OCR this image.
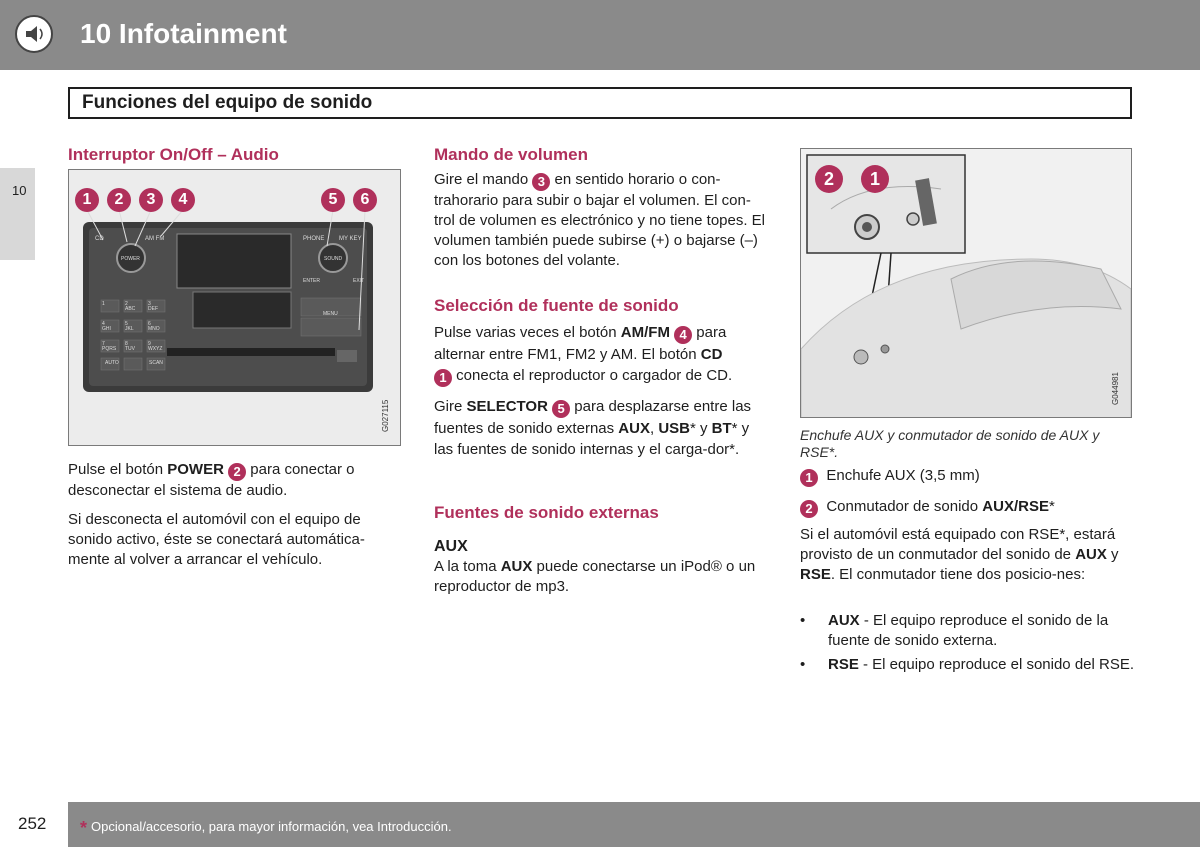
10 Infotainment
Funciones del equipo de sonido
10
Interruptor On/Off – Audio
1	2	3	4	5	6
CD
POWER
AM FM	PHONE MY KEY
SOUND
ENTER	EXIT
MENU
AUTO	SCAN
1	2
ABC
3
DEF
4
GHI
5
JKL
6
MNO
7
PQRS
8
TUV
9
WXYZ
G027115
Pulse el botón POWER 2 para conectar o desconectar el sistema de audio.
Si desconecta el automóvil con el equipo de sonido activo, éste se conectará automática-mente al volver a arrancar el vehículo.
Mando de volumen
Gire el mando 3 en sentido horario o con-trahorario para subir o bajar el volumen. El con-trol de volumen es electrónico y no tiene topes. El volumen también puede subirse (+) o bajarse (–) con los botones del volante.
Selección de fuente de sonido
Pulse varias veces el botón AM/FM 4 para alternar entre FM1, FM2 y AM. El botón CD
1 conecta el reproductor o cargador de CD.
Gire SELECTOR 5 para desplazarse entre las fuentes de sonido externas AUX, USB* y BT* y las fuentes de sonido internas y el carga-dor*.
Fuentes de sonido externas
AUX
A la toma AUX puede conectarse un iPod® o un reproductor de mp3.
2	1
G044981
Enchufe AUX y conmutador de sonido de AUX y RSE*.
1 Enchufe AUX (3,5 mm)
2 Conmutador de sonido AUX/RSE*
Si el automóvil está equipado con RSE*, estará provisto de un conmutador del sonido de AUX y RSE. El conmutador tiene dos posicio-nes:
• AUX - El equipo reproduce el sonido de la fuente de sonido externa.
• RSE - El equipo reproduce el sonido del RSE.
252 * Opcional/accesorio, para mayor información, vea Introducción.
